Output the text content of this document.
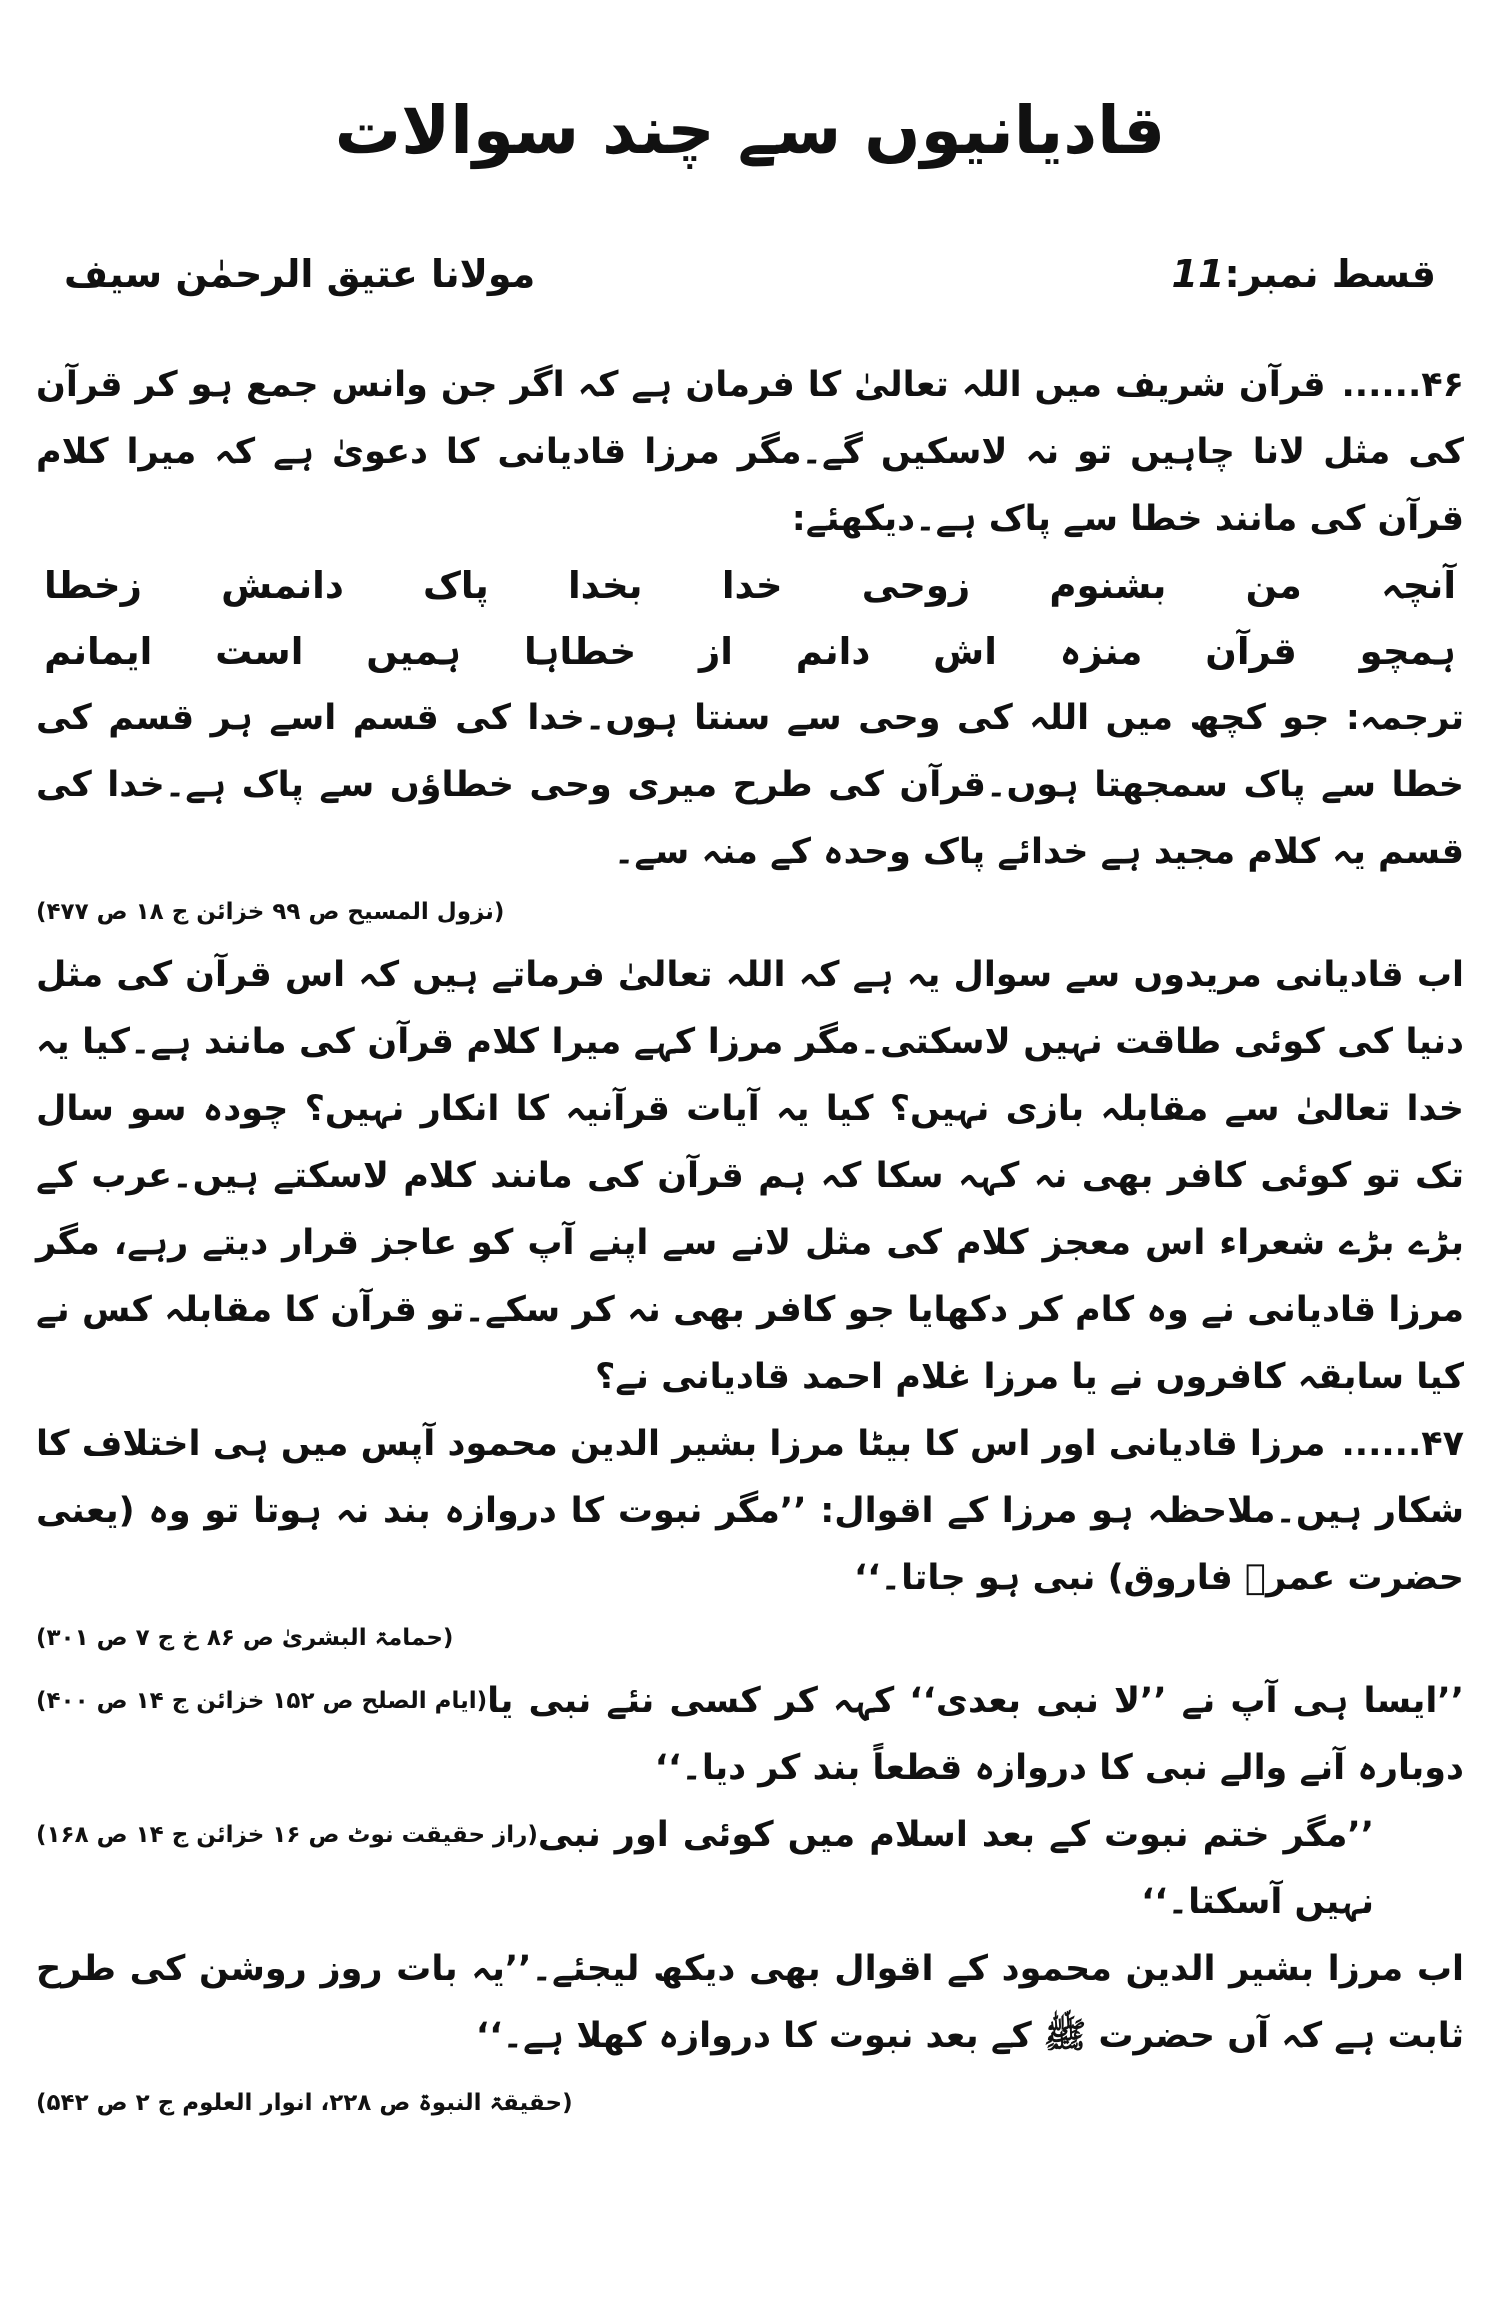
قادیانیوں سے چند سوالات
قسط نمبر:11
مولانا عتیق الرحمٰن سیف

۴۶......قرآن شریف میں اللہ تعالیٰ کا فرمان ہے کہ اگر جن وانس جمع ہو کر قرآن کی مثل لانا چاہیں تو نہ لاسکیں گے۔مگر مرزا قادیانی کا دعویٰ ہے کہ میرا کلام قرآن کی مانند خطا سے پاک ہے۔دیکھئے:

آنچہ
من
بشنوم
زوحی
خدا
بخدا
پاک
دانمش
زخطا
ہمچو
قرآن
منزہ
اش
دانم
از
خطاہا
ہمیں
است
ایمانم

ترجمہ: جو کچھ میں اللہ کی وحی سے سنتا ہوں۔خدا کی قسم اسے ہر قسم کی خطا سے پاک سمجھتا ہوں۔قرآن کی طرح میری وحی خطاؤں سے پاک ہے۔خدا کی قسم یہ کلام مجید ہے خدائے پاک وحدہ کے منہ سے۔

(نزول المسیح ص ۹۹ خزائن ج ۱۸ ص ۴۷۷)

اب قادیانی مریدوں سے سوال یہ ہے کہ اللہ تعالیٰ فرماتے ہیں کہ اس قرآن کی مثل دنیا کی کوئی طاقت نہیں لاسکتی۔مگر مرزا کہے میرا کلام قرآن کی مانند ہے۔کیا یہ خدا تعالیٰ سے مقابلہ بازی نہیں؟ کیا یہ آیات قرآنیہ کا انکار نہیں؟ چودہ سو سال تک تو کوئی کافر بھی نہ کہہ سکا کہ ہم قرآن کی مانند کلام لاسکتے ہیں۔عرب کے بڑے بڑے شعراء اس معجز کلام کی مثل لانے سے اپنے آپ کو عاجز قرار دیتے رہے، مگر مرزا قادیانی نے وہ کام کر دکھایا جو کافر بھی نہ کر سکے۔تو قرآن کا مقابلہ کس نے کیا سابقہ کافروں نے یا مرزا غلام احمد قادیانی نے؟

۴۷......مرزا قادیانی اور اس کا بیٹا مرزا بشیر الدین محمود آپس میں ہی اختلاف کا شکار ہیں۔ملاحظہ ہو مرزا کے اقوال: ’’مگر نبوت کا دروازہ بند نہ ہوتا تو وہ (یعنی حضرت عمرؓ فاروق) نبی ہو جاتا۔‘‘

(حمامۃ البشریٰ ص ۸۶ خ ج ۷ ص ۳۰۱)

(ایام الصلح ص ۱۵۲ خزائن ج ۱۴ ص ۴۰۰) ’’ایسا ہی آپ نے ’’لا نبی بعدی‘‘ کہہ کر کسی نئے نبی یا دوبارہ آنے والے نبی کا دروازہ قطعاً بند کر دیا۔‘‘

(راز حقیقت نوٹ ص ۱۶ خزائن ج ۱۴ ص ۱۶۸) ’’مگر ختم نبوت کے بعد اسلام میں کوئی اور نبی نہیں آسکتا۔‘‘

اب مرزا بشیر الدین محمود کے اقوال بھی دیکھ لیجئے۔’’یہ بات روز روشن کی طرح ثابت ہے کہ آں حضرت ﷺ کے بعد نبوت کا دروازہ کھلا ہے۔‘‘
(حقیقۃ النبوۃ ص ۲۲۸، انوار العلوم ج ۲ ص ۵۴۲)
